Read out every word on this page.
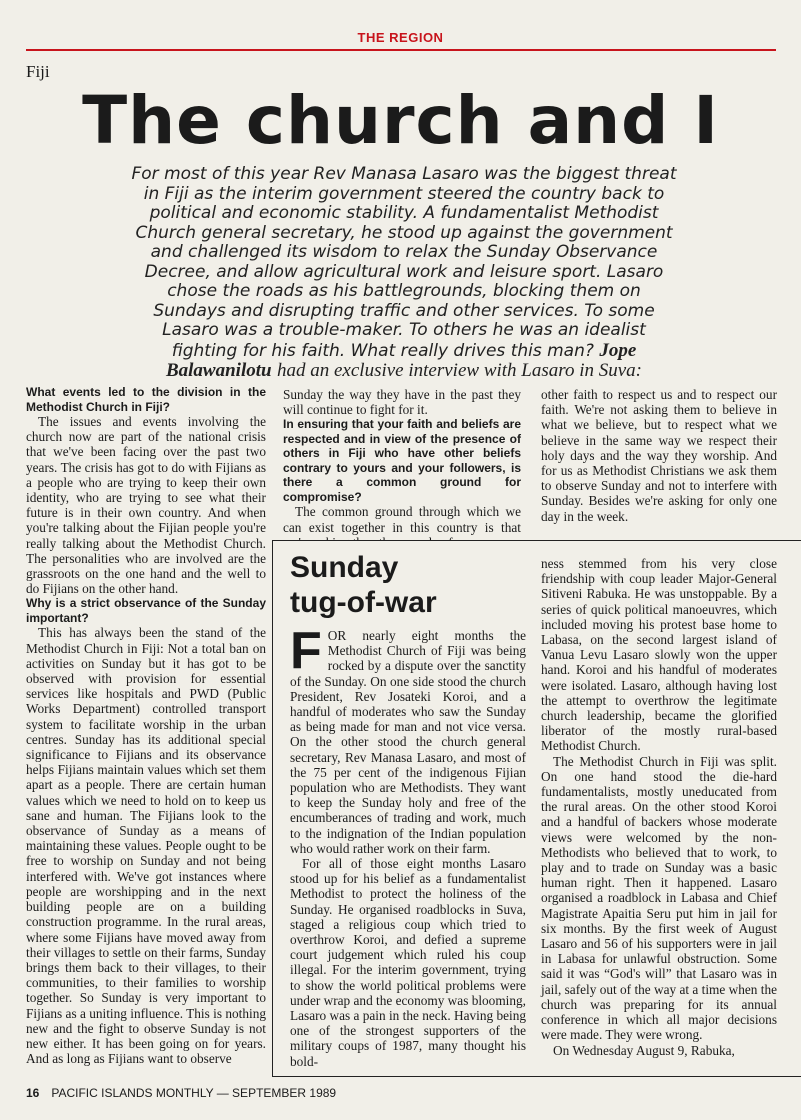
THE REGION
Fiji
The church and I
For most of this year Rev Manasa Lasaro was the biggest threat in Fiji as the interim government steered the country back to political and economic stability. A fundamentalist Methodist Church general secretary, he stood up against the government and challenged its wisdom to relax the Sunday Observance Decree, and allow agricultural work and leisure sport. Lasaro chose the roads as his battlegrounds, blocking them on Sundays and disrupting traffic and other services. To some Lasaro was a trouble-maker. To others he was an idealist fighting for his faith. What really drives this man? Jope Balawanilotu had an exclusive interview with Lasaro in Suva:

What events led to the division in the Methodist Church in Fiji?

The issues and events involving the church now are part of the national crisis that we've been facing over the past two years. The crisis has got to do with Fijians as a people who are trying to keep their own identity, who are trying to see what their future is in their own country. And when you're talking about the Fijian people you're really talking about the Methodist Church. The personalities who are involved are the grassroots on the one hand and the well to do Fijians on the other hand.

Why is a strict observance of the Sunday important?

This has always been the stand of the Methodist Church in Fiji: Not a total ban on activities on Sunday but it has got to be observed with provision for essential services like hospitals and PWD (Public Works Department) controlled transport system to facilitate worship in the urban centres. Sunday has its additional special significance to Fijians and its observance helps Fijians maintain values which set them apart as a people. There are certain human values which we need to hold on to keep us sane and human. The Fijians look to the observance of Sunday as a means of maintaining these values. People ought to be free to worship on Sunday and not being interfered with. We've got instances where people are worshipping and in the next building people are on a building construction programme. In the rural areas, where some Fijians have moved away from their villages to settle on their farms, Sunday brings them back to their villages, to their communities, to their families to worship together. So Sunday is very important to Fijians as a uniting influence. This is nothing new and the fight to observe Sunday is not new either. It has been going on for years. And as long as Fijians want to observe

Sunday the way they have in the past they will continue to fight for it.

In ensuring that your faith and beliefs are respected and in view of the presence of others in Fiji who have other beliefs contrary to yours and your followers, is there a common ground for compromise?

The common ground through which we can exist together in this country is that

other faith to respect us and to respect our faith. We're not asking them to believe in what we believe, but to respect what we believe in the same way we respect their holy days and the way they worship. And for us as Methodist Christians we ask them to observe Sunday and not to interfere with Sunday. Besides we're asking for only one day in the week.

Sunday tug-of-war

FOR nearly eight months the Methodist Church of Fiji was being rocked by a dispute over the sanctity of the Sunday. On one side stood the church President, Rev Josateki Koroi, and a handful of moderates who saw the Sunday as being made for man and not vice versa. On the other stood the church general secretary, Rev Manasa Lasaro, and most of the 75 per cent of the indigenous Fijian population who are Methodists. They want to keep the Sunday holy and free of the encumberances of trading and work, much to the indignation of the Indian population who would rather work on their farm.

For all of those eight months Lasaro stood up for his belief as a fundamentalist Methodist to protect the holiness of the Sunday. He organised roadblocks in Suva, staged a religious coup which tried to overthrow Koroi, and defied a supreme court judgement which ruled his coup illegal. For the interim government, trying to show the world political problems were under wrap and the economy was blooming, Lasaro was a pain in the neck. Having being one of the strongest supporters of the military coups of 1987, many thought his bold-

ness stemmed from his very close friendship with coup leader Major-General Sitiveni Rabuka. He was unstoppable. By a series of quick political manoeuvres, which included moving his protest base home to Labasa, on the second largest island of Vanua Levu Lasaro slowly won the upper hand. Koroi and his handful of moderates were isolated. Lasaro, although having lost the attempt to overthrow the legitimate church leadership, became the glorified liberator of the mostly rural-based Methodist Church.

The Methodist Church in Fiji was split. On one hand stood the die-hard fundamentalists, mostly uneducated from the rural areas. On the other stood Koroi and a handful of backers whose moderate views were welcomed by the non-Methodists who believed that to work, to play and to trade on Sunday was a basic human right. Then it happened. Lasaro organised a roadblock in Labasa and Chief Magistrate Apaitia Seru put him in jail for six months. By the first week of August Lasaro and 56 of his supporters were in jail in Labasa for unlawful obstruction. Some said it was “God's will” that Lasaro was in jail, safely out of the way at a time when the church was preparing for its annual conference in which all major decisions were made. They were wrong.

On Wednesday August 9, Rabuka,

16 PACIFIC ISLANDS MONTHLY — SEPTEMBER 1989
